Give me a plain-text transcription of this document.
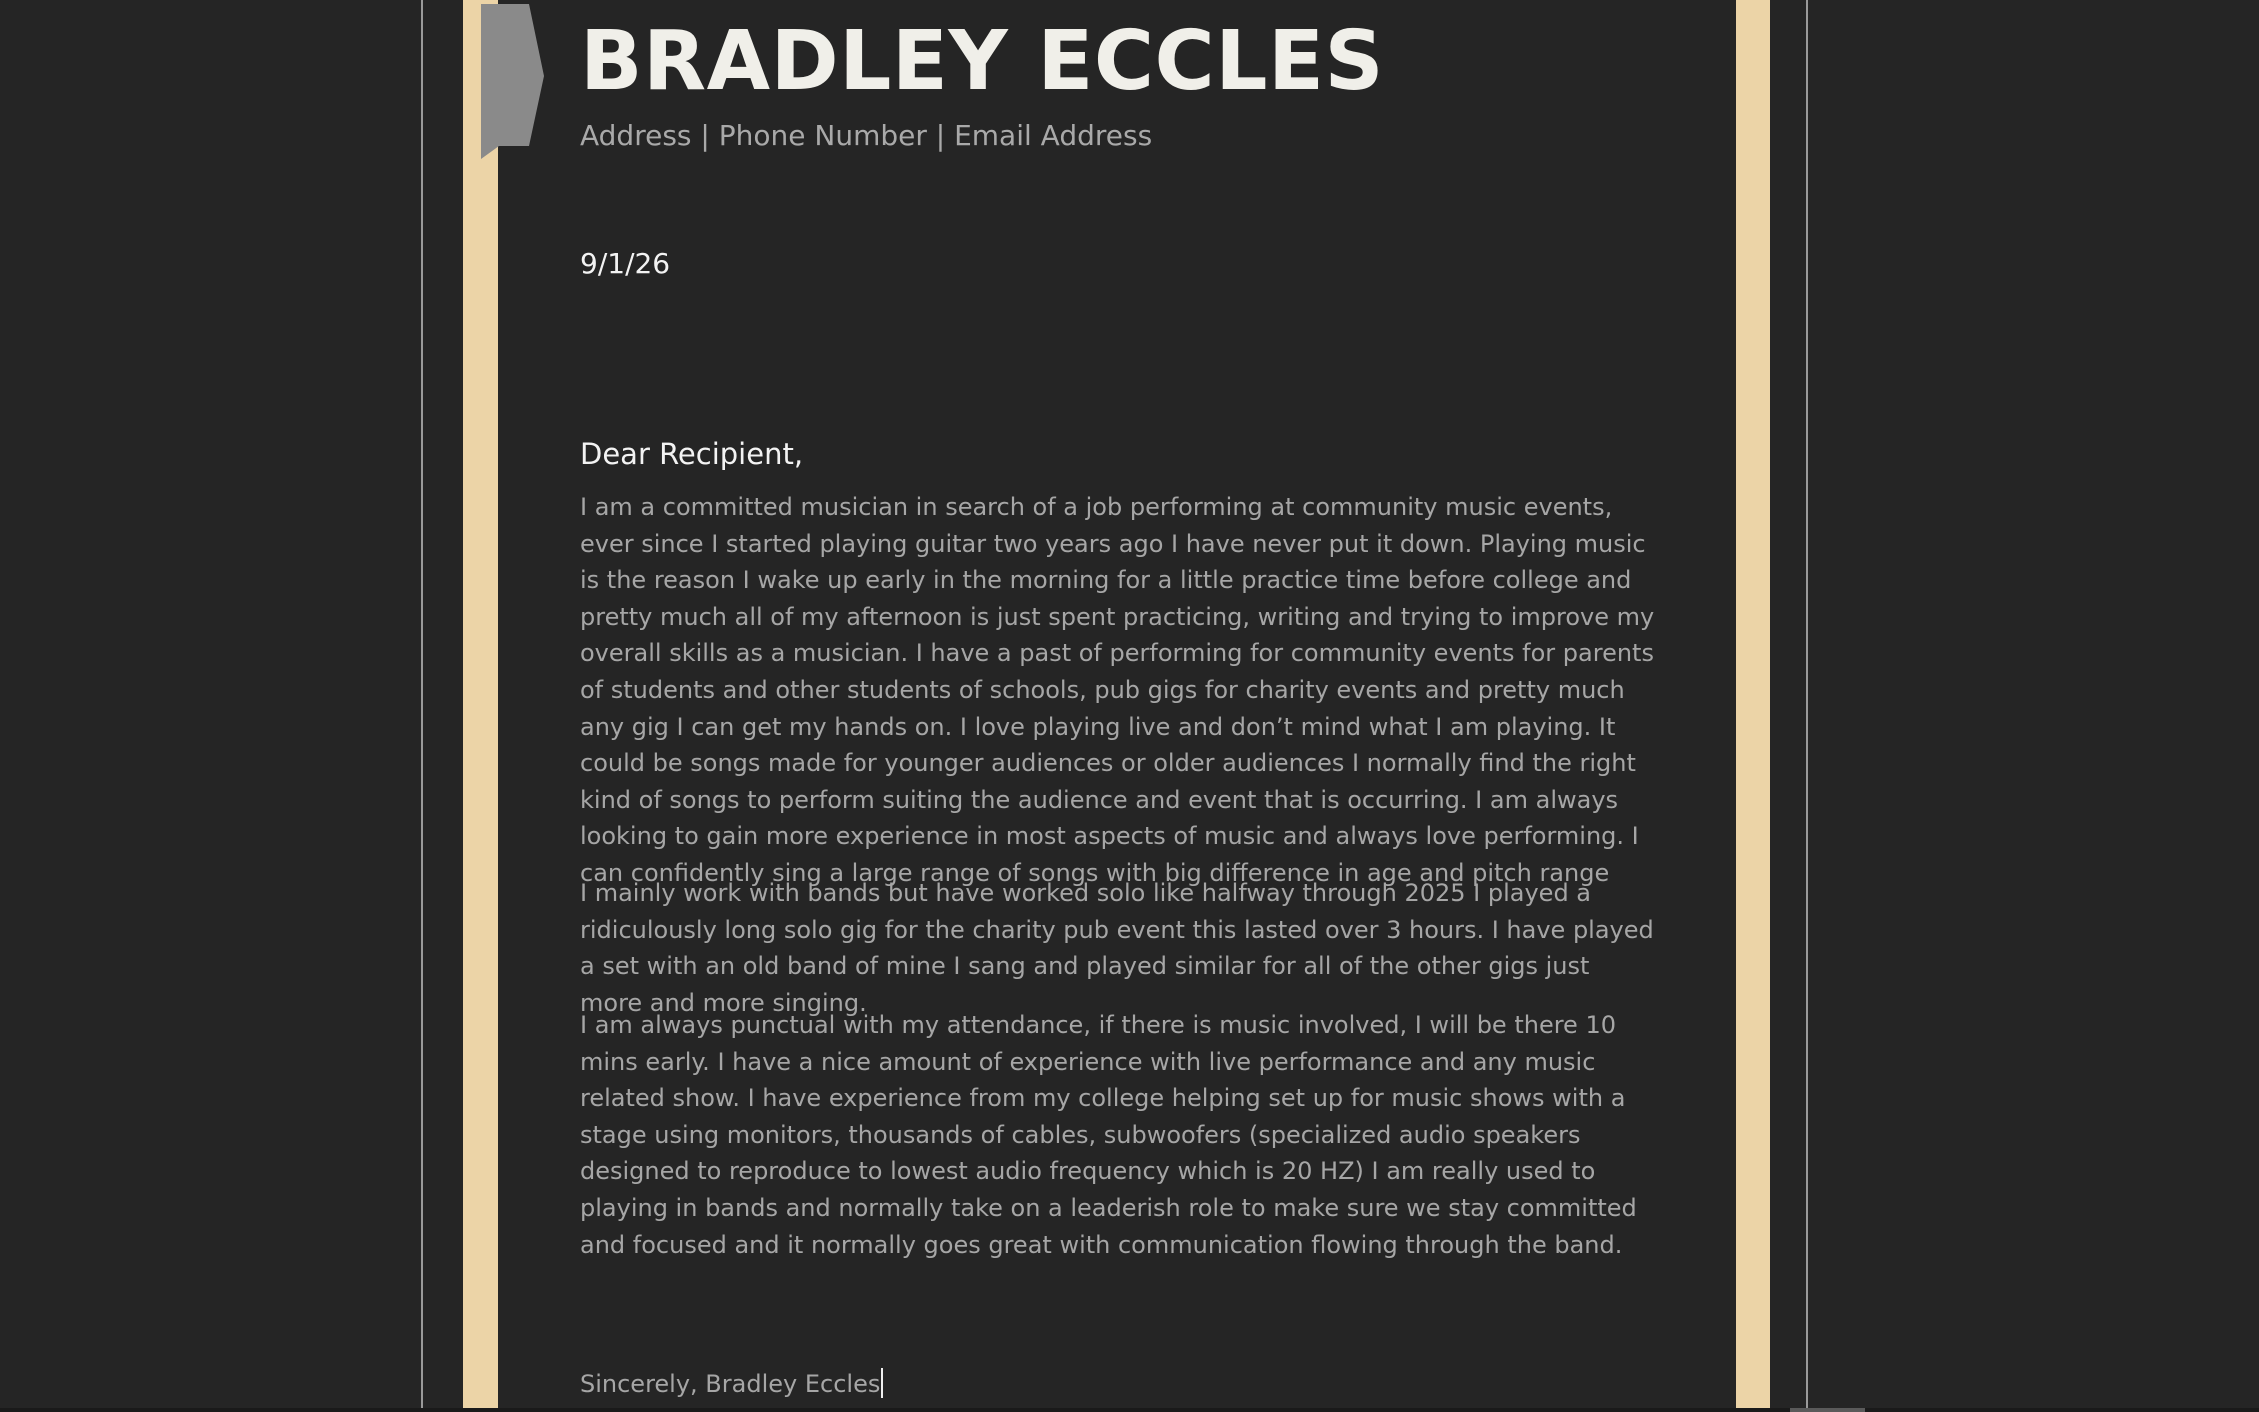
BRADLEY ECCLES
Address | Phone Number | Email Address
9/1/26
Dear Recipient,

I am a committed musician in search of a job performing at community music events, ever since I started playing guitar two years ago I have never put it down. Playing music is the reason I wake up early in the morning for a little practice time before college and pretty much all of my afternoon is just spent practicing, writing and trying to improve my overall skills as a musician. I have a past of performing for community events for parents of students and other students of schools, pub gigs for charity events and pretty much any gig I can get my hands on. I love playing live and don’t mind what I am playing. It could be songs made for younger audiences or older audiences I normally find the right kind of songs to perform suiting the audience and event that is occurring. I am always looking to gain more experience in most aspects of music and always love performing. I can confidently sing a large range of songs with big difference in age and pitch range

I mainly work with bands but have worked solo like halfway through 2025 I played a ridiculously long solo gig for the charity pub event this lasted over 3 hours. I have played a set with an old band of mine I sang and played similar for all of the other gigs just more and more singing.

I am always punctual with my attendance, if there is music involved, I will be there 10 mins early. I have a nice amount of experience with live performance and any music related show. I have experience from my college helping set up for music shows with a stage using monitors, thousands of cables, subwoofers (specialized audio speakers designed to reproduce to lowest audio frequency which is 20 HZ) I am really used to playing in bands and normally take on a leaderish role to make sure we stay committed and focused and it normally goes great with communication flowing through the band.

Sincerely, Bradley Eccles
